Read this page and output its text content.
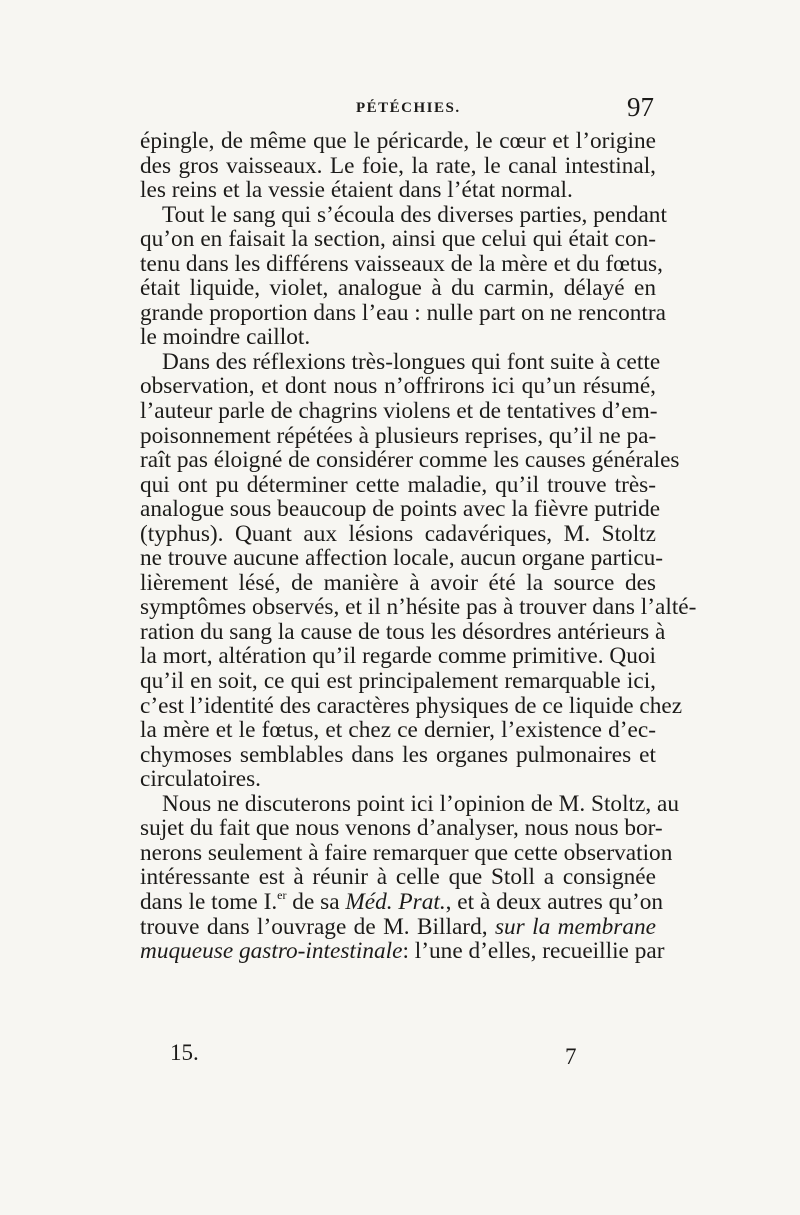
PÉTÉCHIES.	97
épingle, de même que le péricarde, le cœur et l’origine
des gros vaisseaux. Le foie, la rate, le canal intestinal,
les reins et la vessie étaient dans l’état normal.
Tout le sang qui s’écoula des diverses parties, pendant
qu’on en faisait la section, ainsi que celui qui était con-
tenu dans les différens vaisseaux de la mère et du fœtus,
était liquide, violet, analogue à du carmin, délayé en
grande proportion dans l’eau : nulle part on ne rencontra
le moindre caillot.
Dans des réflexions très-longues qui font suite à cette
observation, et dont nous n’offrirons ici qu’un résumé,
l’auteur parle de chagrins violens et de tentatives d’em-
poisonnement répétées à plusieurs reprises, qu’il ne pa-
raît pas éloigné de considérer comme les causes générales
qui ont pu déterminer cette maladie, qu’il trouve très-
analogue sous beaucoup de points avec la fièvre putride
(typhus). Quant aux lésions cadavériques, M. Stoltz
ne trouve aucune affection locale, aucun organe particu-
lièrement lésé, de manière à avoir été la source des
symptômes observés, et il n’hésite pas à trouver dans l’alté-
ration du sang la cause de tous les désordres antérieurs à
la mort, altération qu’il regarde comme primitive. Quoi
qu’il en soit, ce qui est principalement remarquable ici,
c’est l’identité des caractères physiques de ce liquide chez
la mère et le fœtus, et chez ce dernier, l’existence d’ec-
chymoses semblables dans les organes pulmonaires et
circulatoires.
Nous ne discuterons point ici l’opinion de M. Stoltz, au
sujet du fait que nous venons d’analyser, nous nous bor-
nerons seulement à faire remarquer que cette observation
intéressante est à réunir à celle que Stoll a consignée
dans le tome I.$^{er}$ de sa Méd. Prat., et à deux autres qu’on
trouve dans l’ouvrage de M. Billard, sur la membrane
muqueuse gastro-intestinale: l’une d’elles, recueillie par
15.	7
